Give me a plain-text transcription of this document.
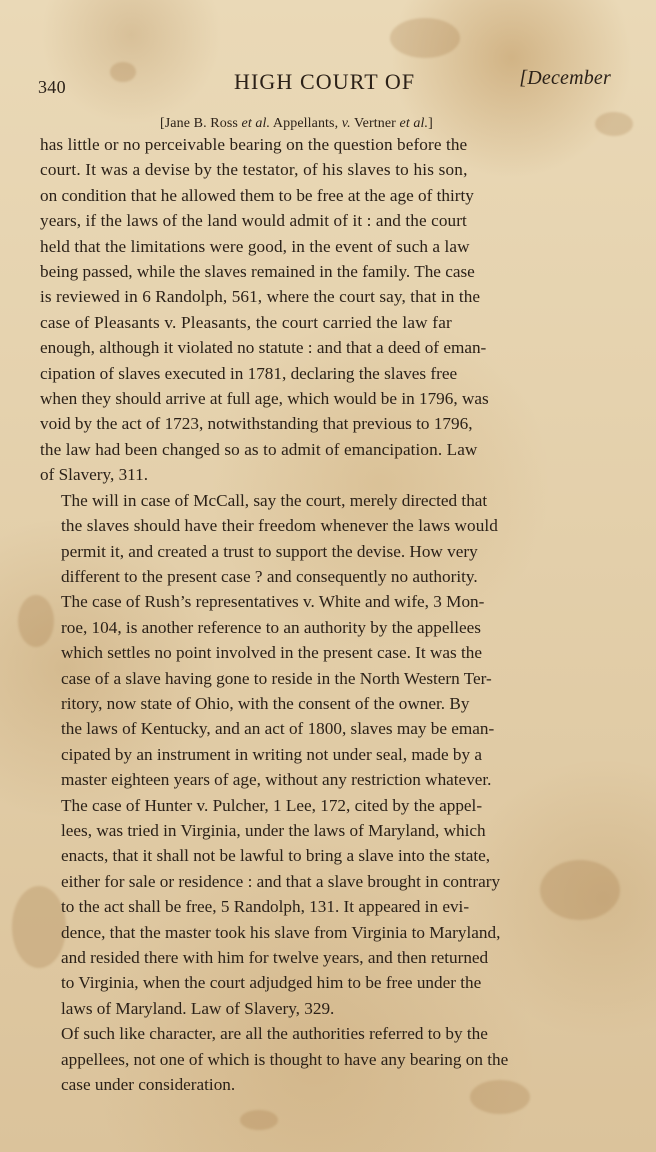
340	HIGH COURT OF	[December
[Jane B. Ross et al. Appellants, v. Vertner et al.]

has little or no perceivable bearing on the question before the
court. It was a devise by the testator, of his slaves to his son,
on condition that he allowed them to be free at the age of thirty
years, if the laws of the land would admit of it : and the court
held that the limitations were good, in the event of such a law
being passed, while the slaves remained in the family. The case
is reviewed in 6 Randolph, 561, where the court say, that in the
case of Pleasants v. Pleasants, the court carried the law far
enough, although it violated no statute : and that a deed of eman-
cipation of slaves executed in 1781, declaring the slaves free
when they should arrive at full age, which would be in 1796, was
void by the act of 1723, notwithstanding that previous to 1796,
the law had been changed so as to admit of emancipation. Law
of Slavery, 311.

The will in case of McCall, say the court, merely directed that
the slaves should have their freedom whenever the laws would
permit it, and created a trust to support the devise. How very
different to the present case ? and consequently no authority.

The case of Rush’s representatives v. White and wife, 3 Mon-
roe, 104, is another reference to an authority by the appellees
which settles no point involved in the present case. It was the
case of a slave having gone to reside in the North Western Ter-
ritory, now state of Ohio, with the consent of the owner. By
the laws of Kentucky, and an act of 1800, slaves may be eman-
cipated by an instrument in writing not under seal, made by a
master eighteen years of age, without any restriction whatever.

The case of Hunter v. Pulcher, 1 Lee, 172, cited by the appel-
lees, was tried in Virginia, under the laws of Maryland, which
enacts, that it shall not be lawful to bring a slave into the state,
either for sale or residence : and that a slave brought in contrary
to the act shall be free, 5 Randolph, 131. It appeared in evi-
dence, that the master took his slave from Virginia to Maryland,
and resided there with him for twelve years, and then returned
to Virginia, when the court adjudged him to be free under the
laws of Maryland. Law of Slavery, 329.

Of such like character, are all the authorities referred to by the
appellees, not one of which is thought to have any bearing on the
case under consideration.
